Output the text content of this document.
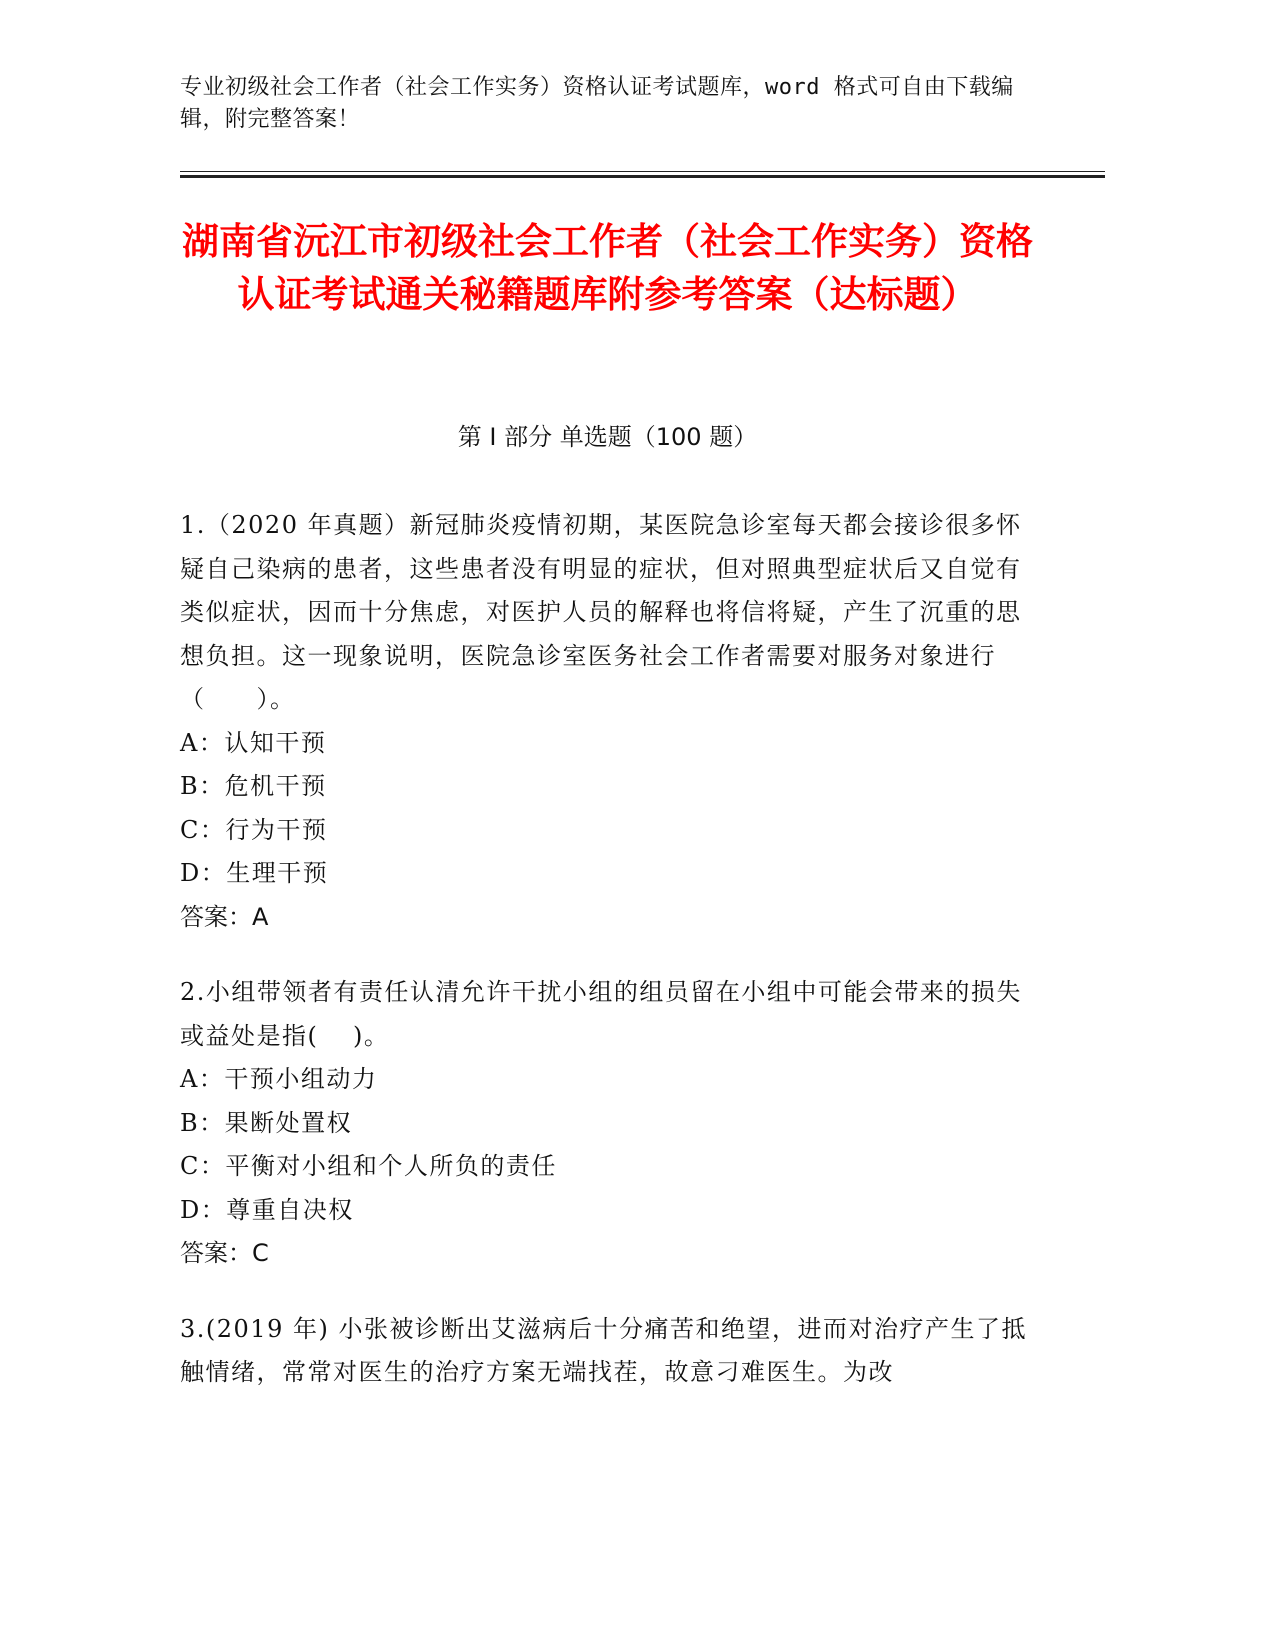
专业初级社会工作者（社会工作实务）资格认证考试题库，word 格式可自由下载编辑，附完整答案！
湖南省沅江市初级社会工作者（社会工作实务）资格认证考试通关秘籍题库附参考答案（达标题）
第 I 部分 单选题（100 题）

1.（2020 年真题）新冠肺炎疫情初期，某医院急诊室每天都会接诊很多怀疑自己染病的患者，这些患者没有明显的症状，但对照典型症状后又自觉有类似症状，因而十分焦虑，对医护人员的解释也将信将疑，产生了沉重的思想负担。这一现象说明，医院急诊室医务社会工作者需要对服务对象进行（　　）。

A：认知干预

B：危机干预

C：行为干预

D：生理干预

答案：A

2.小组带领者有责任认清允许干扰小组的组员留在小组中可能会带来的损失或益处是指(　 )。

A：干预小组动力

B：果断处置权

C：平衡对小组和个人所负的责任

D：尊重自决权

答案：C

3.(2019 年) 小张被诊断出艾滋病后十分痛苦和绝望，进而对治疗产生了抵触情绪，常常对医生的治疗方案无端找茬，故意刁难医生。为改
